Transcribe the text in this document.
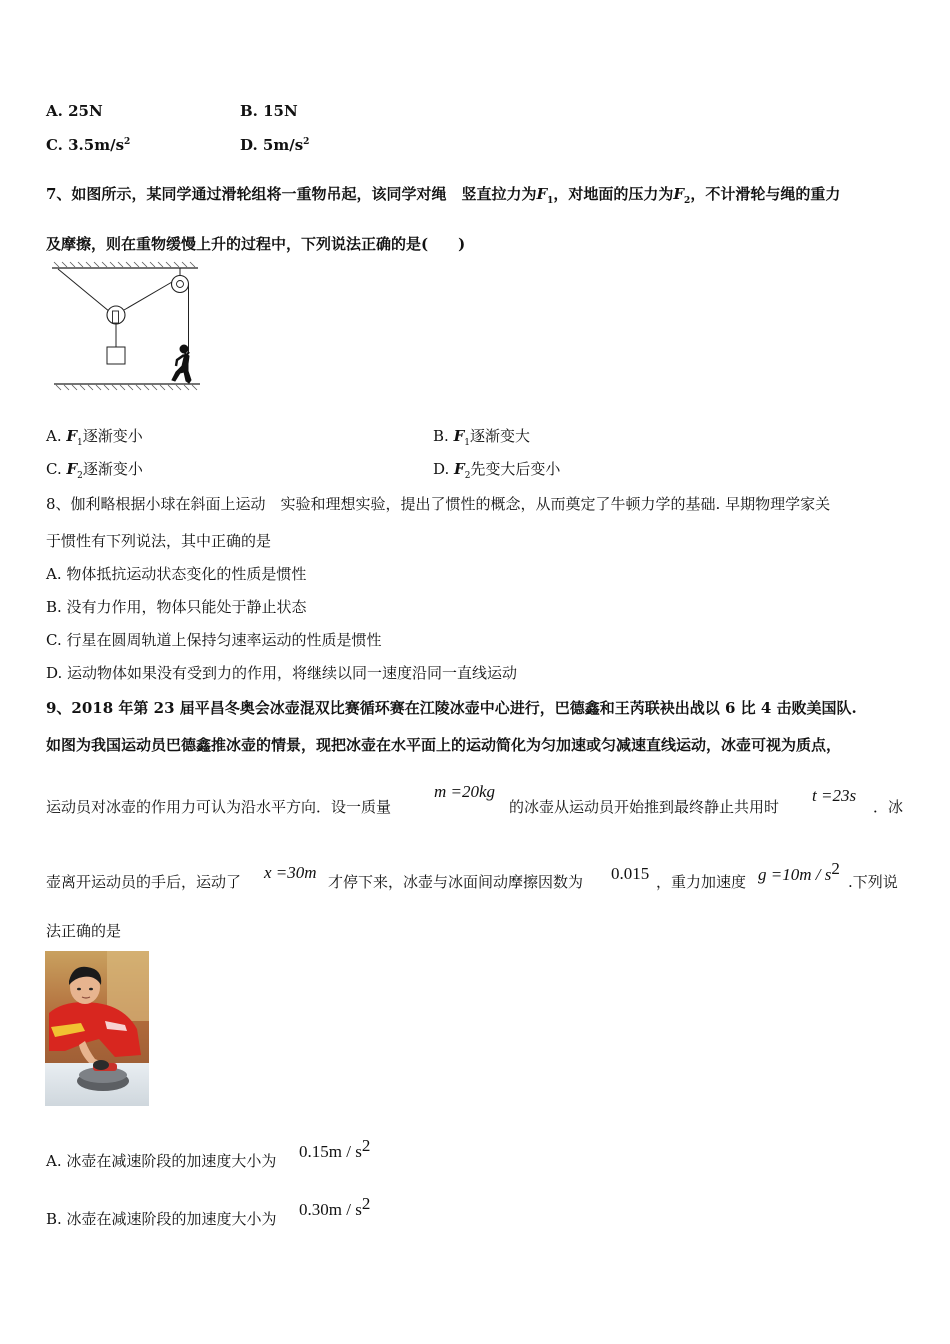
A. 25N	B. 15N
C. $3.5m/s^2$	D. $5m/s^2$
7、如图所示，某同学通过滑轮组将一重物吊起，该同学对绳　竖直拉力为$F_1$，对地面的压力为$F_2$，不计滑轮与绳的重力
及摩擦，则在重物缓慢上升的过程中，下列说法正确的是(　　)
A. $F_1$逐渐变小	B. $F_1$逐渐变大
C. $F_2$逐渐变小	D. $F_2$先变大后变小
8、伽利略根据小球在斜面上运动　实验和理想实验，提出了惯性的概念，从而奠定了牛顿力学的基础. 早期物理学家关
于惯性有下列说法，其中正确的是
A. 物体抵抗运动状态变化的性质是惯性
B. 没有力作用，物体只能处于静止状态
C. 行星在圆周轨道上保持匀速率运动的性质是惯性
D. 运动物体如果没有受到力的作用，将继续以同一速度沿同一直线运动
9、2018 年第 23 届平昌冬奥会冰壶混双比赛循环赛在江陵冰壶中心进行，巴德鑫和王芮联袂出战以 6 比 4 击败美国队.
如图为我国运动员巴德鑫推冰壶的情景，现把冰壶在水平面上的运动简化为匀加速或匀减速直线运动，冰壶可视为质点，
运动员对冰壶的作用力可认为沿水平方向．设一质量
m =20kg
的冰壶从运动员开始推到最终静止共用时
t =23s
．冰
壶离开运动员的手后，运动了 x =30m 才停下来，冰壶与冰面间动摩擦因数为 0.015 ，重力加速度 $g =10m / s^2$
.下列说
法正确的是
A. 冰壶在减速阶段的加速度大小为 $0.15m / s^2$
B. 冰壶在减速阶段的加速度大小为 $0.30m / s^2$
